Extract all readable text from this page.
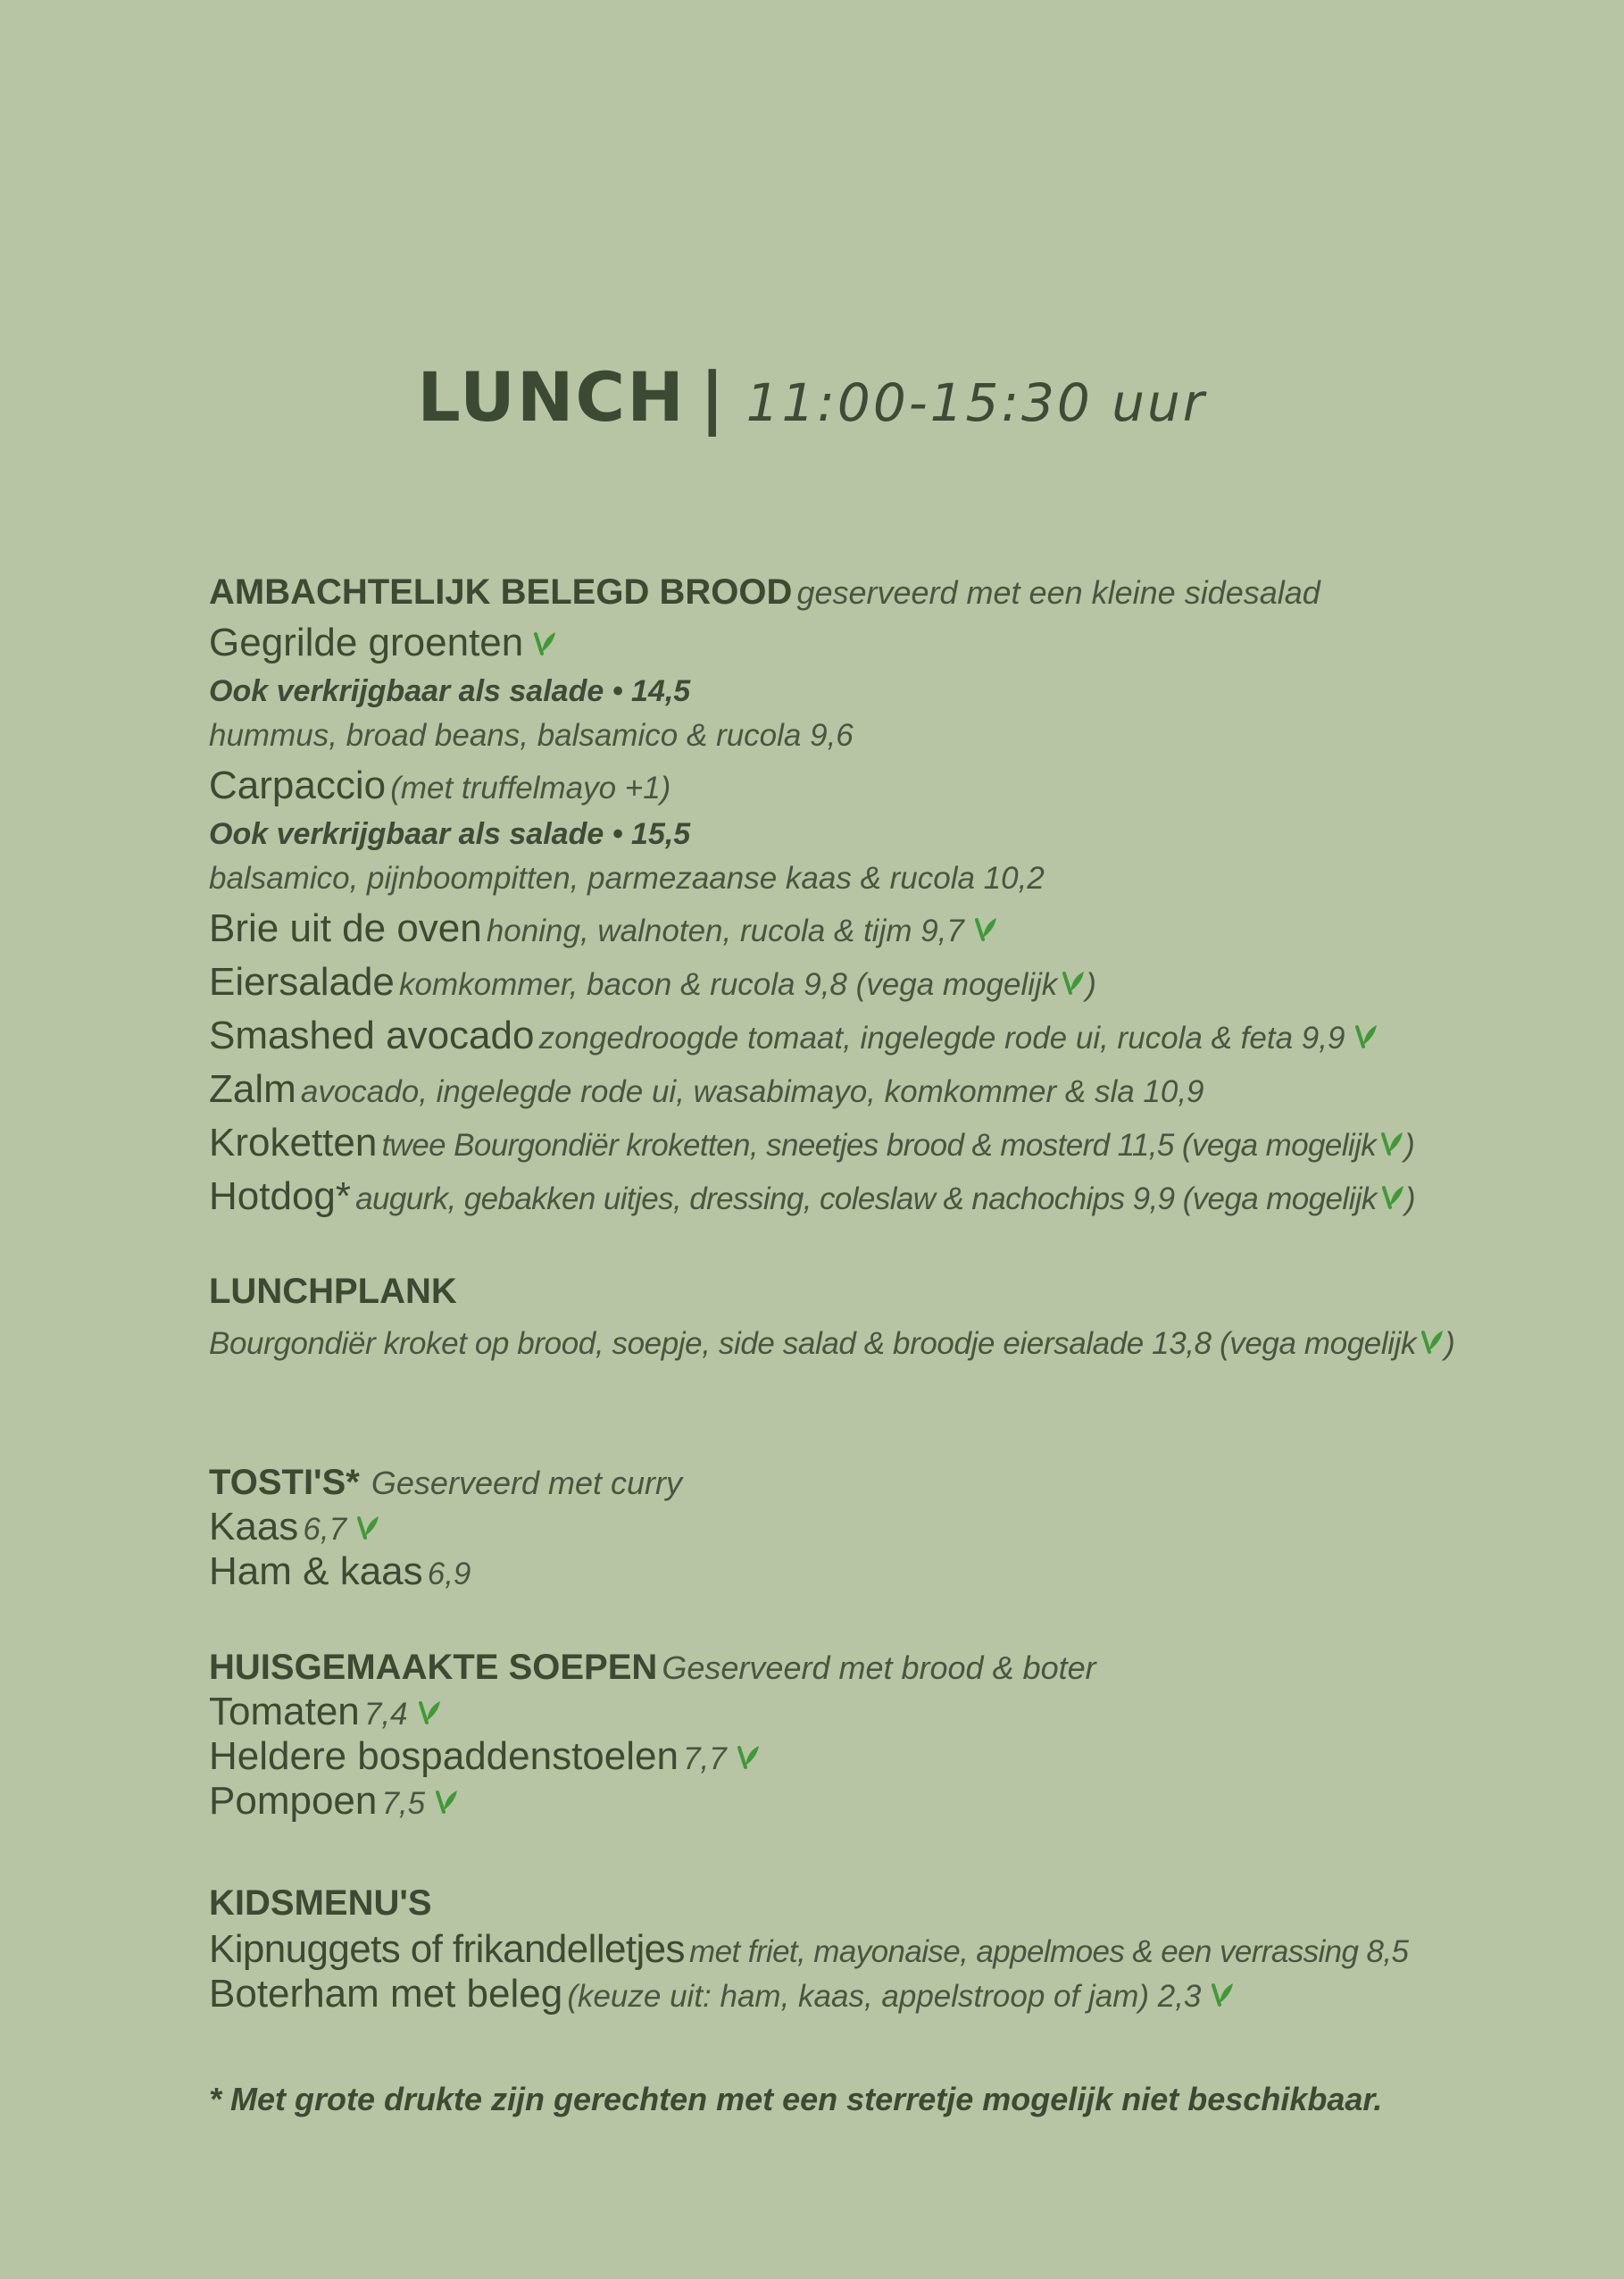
LUNCH | 11:00-15:30 uur
AMBACHTELIJK BELEGD BROOD geserveerd met een kleine sidesalad
Gegrilde groenten
Ook verkrijgbaar als salade • 14,5
hummus, broad beans, balsamico & rucola 9,6
Carpaccio (met truffelmayo +1)
Ook verkrijgbaar als salade • 15,5
balsamico, pijnboompitten, parmezaanse kaas & rucola 10,2
Brie uit de oven honing, walnoten, rucola & tijm 9,7
Eiersalade komkommer, bacon & rucola 9,8 (vega mogelijk )
Smashed avocado zongedroogde tomaat, ingelegde rode ui, rucola & feta 9,9
Zalm avocado, ingelegde rode ui, wasabimayo, komkommer & sla 10,9
Kroketten twee Bourgondiër kroketten, sneetjes brood & mosterd 11,5 (vega mogelijk )
Hotdog* augurk, gebakken uitjes, dressing, coleslaw & nachochips 9,9 (vega mogelijk )
LUNCHPLANK
Bourgondiër kroket op brood, soepje, side salad & broodje eiersalade 13,8 (vega mogelijk )
TOSTI'S* Geserveerd met curry
Kaas 6,7
Ham & kaas 6,9
HUISGEMAAKTE SOEPEN Geserveerd met brood & boter
Tomaten 7,4
Heldere bospaddenstoelen 7,7
Pompoen 7,5
KIDSMENU'S
Kipnuggets of frikandelletjes met friet, mayonaise, appelmoes & een verrassing 8,5
Boterham met beleg (keuze uit: ham, kaas, appelstroop of jam) 2,3
* Met grote drukte zijn gerechten met een sterretje mogelijk niet beschikbaar.
